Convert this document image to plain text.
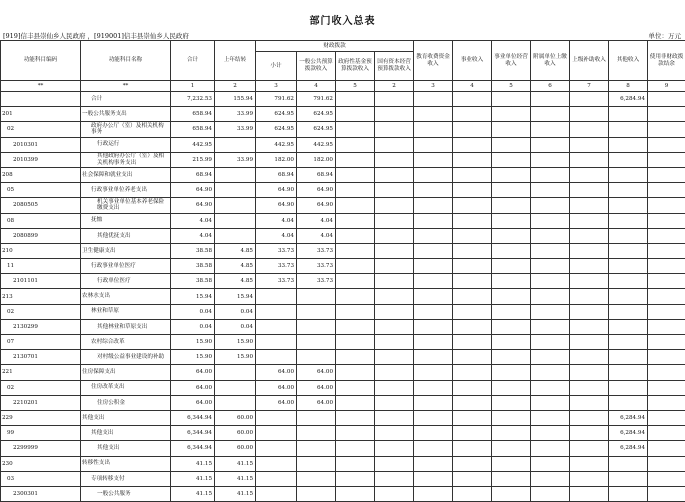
部门收入总表
[919]信丰县崇仙乡人民政府 ，[919001]信丰县崇仙乡人民政府	单位：万元
功能科目编码	功能科目名称	合计	上年结转	财政拨款				教育收费资金收入	事业收入	事业单位经营收入	附属单位上缴收入	上级补助收入	其他收入	使用非财政拨款结余
				小计	一般公共预算拨款收入	政府性基金预算拨款收入	国有资本经营预算拨款收入							
**	**	1	2	3	4	5	2	3	4	5	6	7	8	9
	合计	7,232.53	155.94	791.62	791.62								6,284.94	
201	一般公共服务支出	658.94	33.99	624.95	624.95									
02	政府办公厅（室）及相关机构事务	658.94	33.99	624.95	624.95									
2010301	行政运行	442.95		442.95	442.95									
2010399	其他政府办公厅（室）及相关机构事务支出	215.99	33.99	182.00	182.00									
208	社会保障和就业支出	68.94		68.94	68.94									
05	行政事业单位养老支出	64.90		64.90	64.90									
2080505	机关事业单位基本养老保险缴费支出	64.90		64.90	64.90									
08	抚恤	4.04		4.04	4.04									
2080899	其他优抚支出	4.04		4.04	4.04									
210	卫生健康支出	38.58	4.85	33.73	33.73									
11	行政事业单位医疗	38.58	4.85	33.73	33.73									
2101101	行政单位医疗	38.58	4.85	33.73	33.73									
213	农林水支出	15.94	15.94											
02	林业和草原	0.04	0.04											
2130299	其他林业和草原支出	0.04	0.04											
07	农村综合改革	15.90	15.90											
2130701	对村级公益事业建设的补助	15.90	15.90											
221	住房保障支出	64.00		64.00	64.00									
02	住房改革支出	64.00		64.00	64.00									
2210201	住房公积金	64.00		64.00	64.00									
229	其他支出	6,344.94	60.00										6,284.94	
99	其他支出	6,344.94	60.00										6,284.94	
2299999	其他支出	6,344.94	60.00										6,284.94	
230	转移性支出	41.15	41.15											
03	专项转移支付	41.15	41.15											
2300301	一般公共服务	41.15	41.15											
